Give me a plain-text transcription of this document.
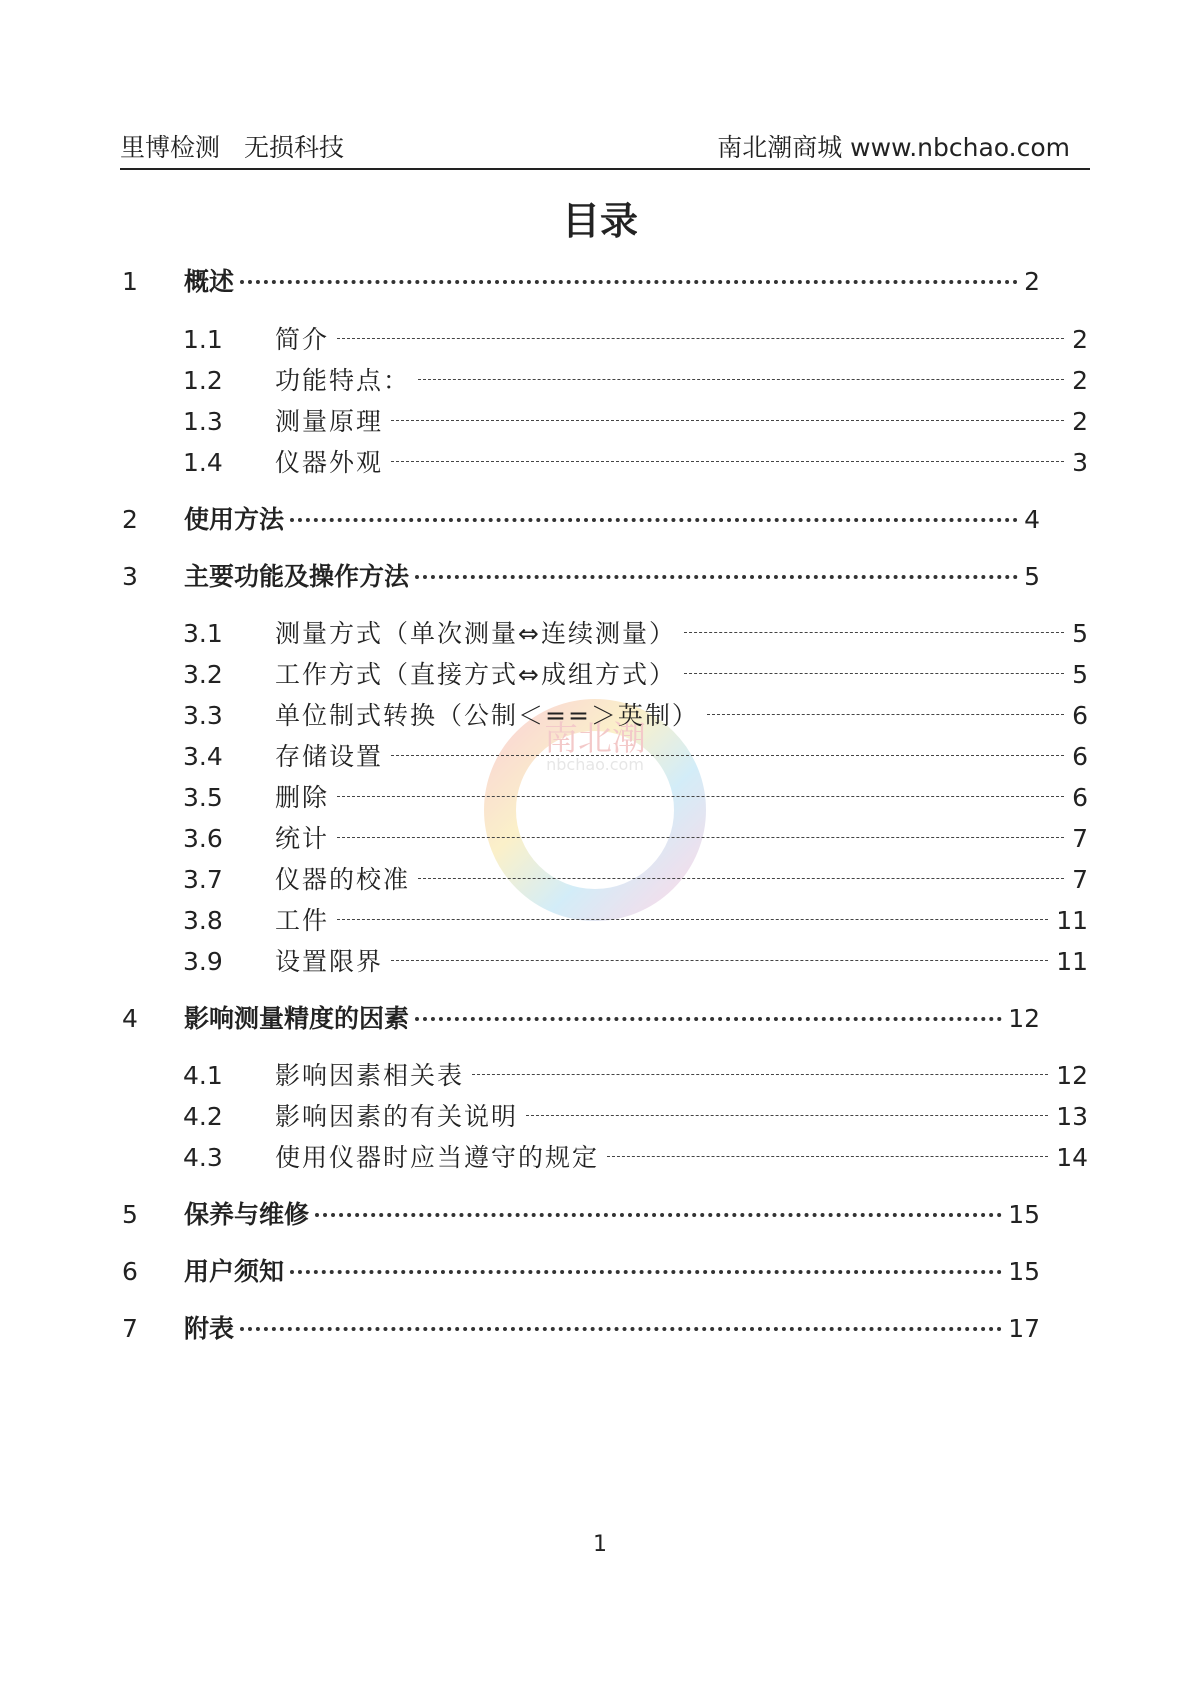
里博检测 无损科技	南北潮商城 www.nbchao.com
目录
南北潮
nbchao.com
1	概述	2
1.1	简介	2
1.2	功能特点：	2
1.3	测量原理	2
1.4	仪器外观	3
2	使用方法	4
3	主要功能及操作方法	5
3.1	测量方式（单次测量⇔连续测量）	5
3.2	工作方式（直接方式⇔成组方式）	5
3.3	单位制式转换（公制＜==＞英制）	6
3.4	存储设置	6
3.5	删除	6
3.6	统计	7
3.7	仪器的校准	7
3.8	工件	11
3.9	设置限界	11
4	影响测量精度的因素	12
4.1	影响因素相关表	12
4.2	影响因素的有关说明	13
4.3	使用仪器时应当遵守的规定	14
5	保养与维修	15
6	用户须知	15
7	附表	17
1
